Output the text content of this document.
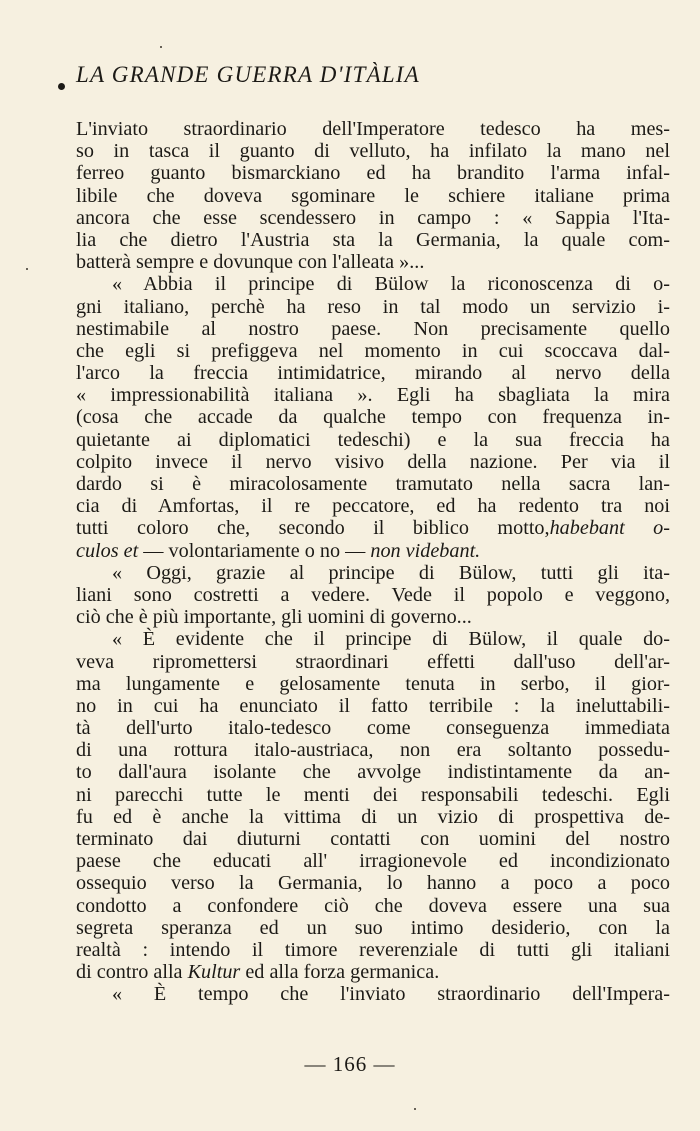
LA GRANDE GUERRA D'ITÀLIA
L'inviato straordinario dell'Imperatore tedesco ha mes-
so in tasca il guanto di velluto, ha infilato la mano nel
ferreo guanto bismarckiano ed ha brandito l'arma infal-
libile che doveva sgominare le schiere italiane prima
ancora che esse scendessero in campo : « Sappia l'Ita-
lia che dietro l'Austria sta la Germania, la quale com-
batterà sempre e dovunque con l'alleata »...
« Abbia il principe di Bülow la riconoscenza di o-
gni italiano, perchè ha reso in tal modo un servizio i-
nestimabile al nostro paese. Non precisamente quello
che egli si prefiggeva nel momento in cui scoccava dal-
l'arco la freccia intimidatrice, mirando al nervo della
« impressionabilità italiana ». Egli ha sbagliata la mira
(cosa che accade da qualche tempo con frequenza in-
quietante ai diplomatici tedeschi) e la sua freccia ha
colpito invece il nervo visivo della nazione. Per via il
dardo si è miracolosamente tramutato nella sacra lan-
cia di Amfortas, il re peccatore, ed ha redento tra noi
tutti coloro che, secondo il biblico motto,habebant o-
culos et — volontariamente o no — non videbant.
« Oggi, grazie al principe di Bülow, tutti gli ita-
liani sono costretti a vedere. Vede il popolo e veggono,
ciò che è più importante, gli uomini di governo...
« È evidente che il principe di Bülow, il quale do-
veva ripromettersi straordinari effetti dall'uso dell'ar-
ma lungamente e gelosamente tenuta in serbo, il gior-
no in cui ha enunciato il fatto terribile : la ineluttabili-
tà dell'urto italo-tedesco come conseguenza immediata
di una rottura italo-austriaca, non era soltanto possedu-
to dall'aura isolante che avvolge indistintamente da an-
ni parecchi tutte le menti dei responsabili tedeschi. Egli
fu ed è anche la vittima di un vizio di prospettiva de-
terminato dai diuturni contatti con uomini del nostro
paese che educati all' irragionevole ed incondizionato
ossequio verso la Germania, lo hanno a poco a poco
condotto a confondere ciò che doveva essere una sua
segreta speranza ed un suo intimo desiderio, con la
realtà : intendo il timore reverenziale di tutti gli italiani
di contro alla Kultur ed alla forza germanica.
« È tempo che l'inviato straordinario dell'Impera-
— 166 —
